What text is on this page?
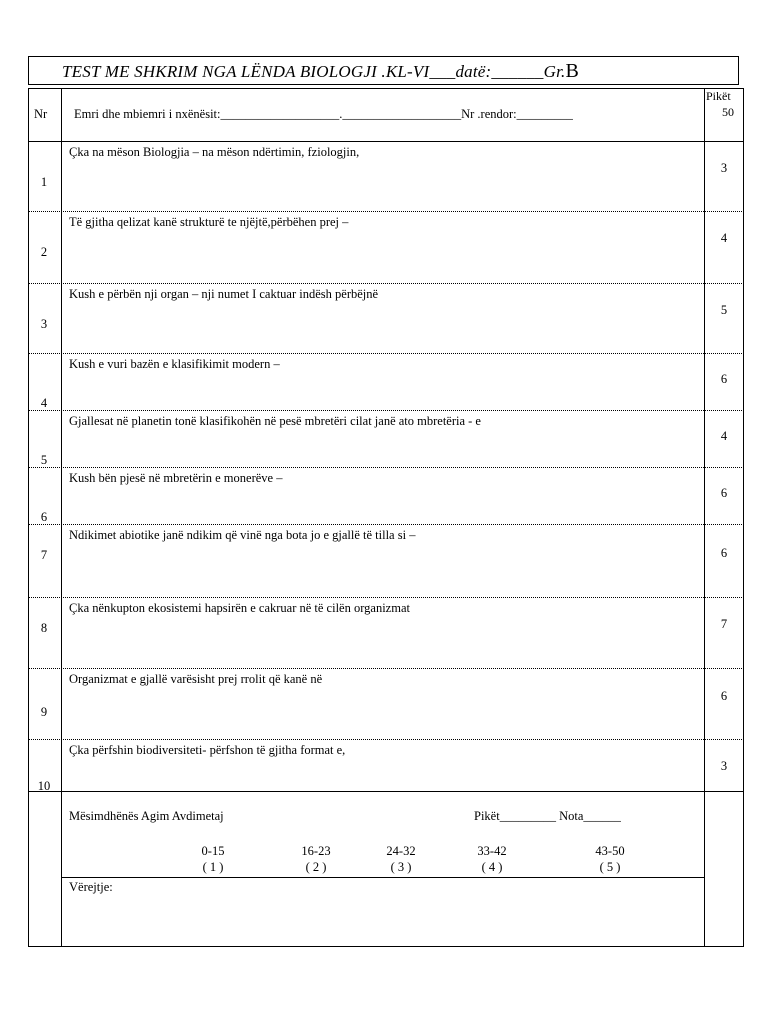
TEST ME SHKRIM NGA LËNDA BIOLOGJI .KL-VI___datë:______Gr.B
Nr Emri dhe mbiemri i nxënësit:___________________.___________________Nr .rendor:_________
Pikët
50
1
Çka na mëson Biologjia – na mëson ndërtimin, fziologjin,
3
2
Të gjitha qelizat kanë strukturë te njëjtë,përbëhen prej –
4
3
Kush e përbën nji organ – nji numet I caktuar indësh përbëjnë
5
4
Kush e vuri bazën e klasifikimit modern –
6
5
Gjallesat në planetin tonë klasifikohën në pesë mbretëri cilat janë ato mbretëria - e
4
6
Kush bën pjesë në mbretërin e monerëve –
6
7
Ndikimet abiotike janë ndikim që vinë nga bota jo e gjallë të tilla si –
6
8
Çka nënkupton ekosistemi hapsirën e cakruar në të cilën organizmat
7
9
Organizmat e gjallë varësisht prej rrolit që kanë në
6
10
Çka përfshin biodiversiteti- përfshon të gjitha format e,
3
Mësimdhënës Agim Avdimetaj	Pikët_________ Nota______
0-15
( 1 )
16-23
( 2 )
24-32
( 3 )
33-42
( 4 )
43-50
( 5 )
Vërejtje:
